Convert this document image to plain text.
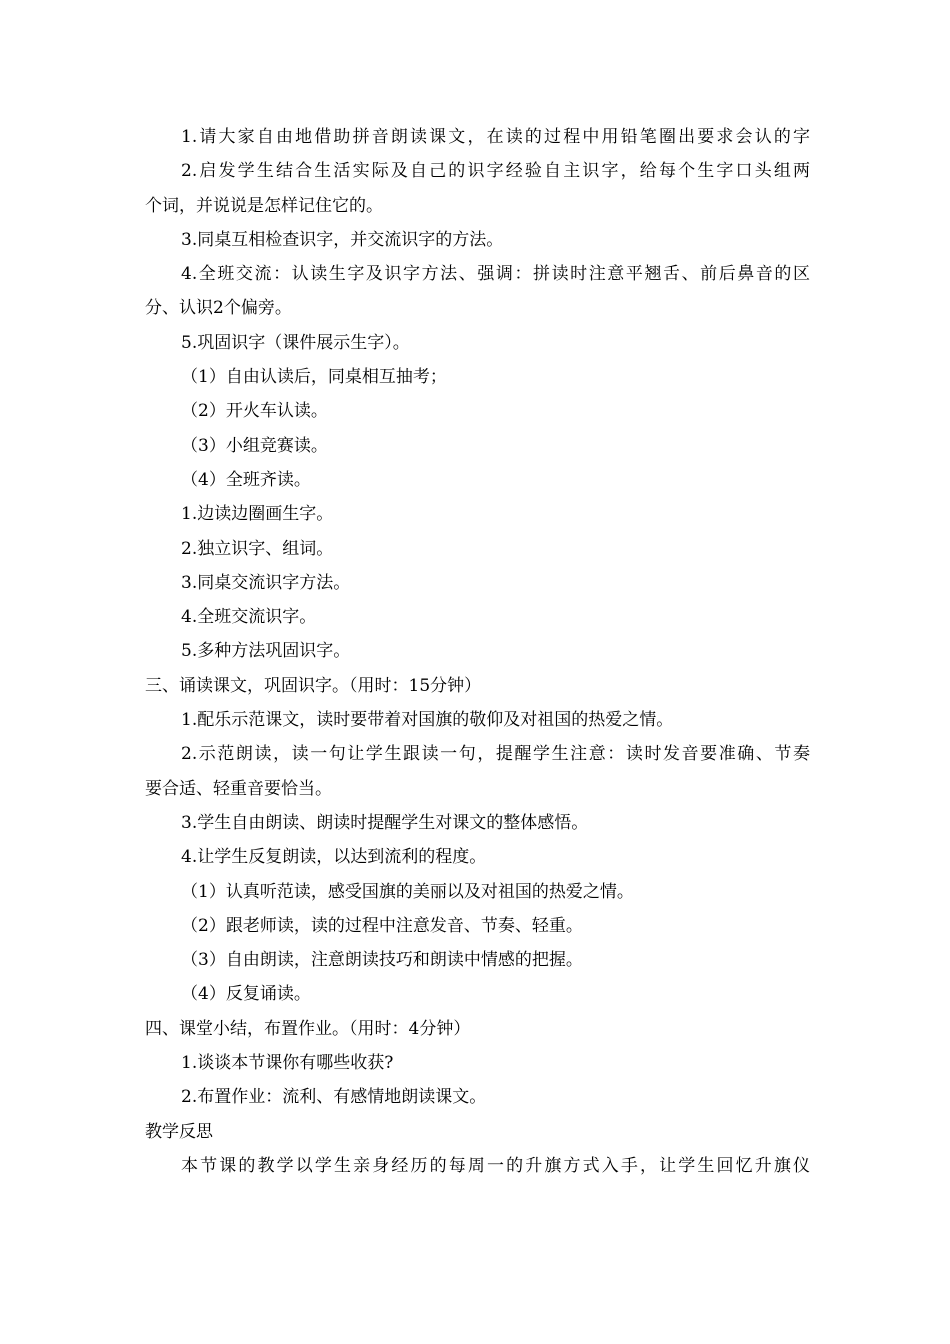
1.请大家自由地借助拼音朗读课文，在读的过程中用铅笔圈出要求会认的字
2.启发学生结合生活实际及自己的识字经验自主识字，给每个生字口头组两
个词，并说说是怎样记住它的。
3.同桌互相检查识字，并交流识字的方法。
4.全班交流：认读生字及识字方法、强调：拼读时注意平翘舌、前后鼻音的区
分、认识2个偏旁。
5.巩固识字（课件展示生字）。
（1）自由认读后，同桌相互抽考；
（2）开火车认读。
（3）小组竞赛读。
（4）全班齐读。
1.边读边圈画生字。
2.独立识字、组词。
3.同桌交流识字方法。
4.全班交流识字。
5.多种方法巩固识字。
三、诵读课文，巩固识字。（用时：15分钟）
1.配乐示范课文，读时要带着对国旗的敬仰及对祖国的热爱之情。
2.示范朗读，读一句让学生跟读一句，提醒学生注意：读时发音要准确、节奏
要合适、轻重音要恰当。
3.学生自由朗读、朗读时提醒学生对课文的整体感悟。
4.让学生反复朗读，以达到流利的程度。
（1）认真听范读，感受国旗的美丽以及对祖国的热爱之情。
（2）跟老师读，读的过程中注意发音、节奏、轻重。
（3）自由朗读，注意朗读技巧和朗读中情感的把握。
（4）反复诵读。
四、课堂小结，布置作业。（用时：4分钟）
1.谈谈本节课你有哪些收获?
2.布置作业：流利、有感情地朗读课文。
教学反思
本节课的教学以学生亲身经历的每周一的升旗方式入手，让学生回忆升旗仪
